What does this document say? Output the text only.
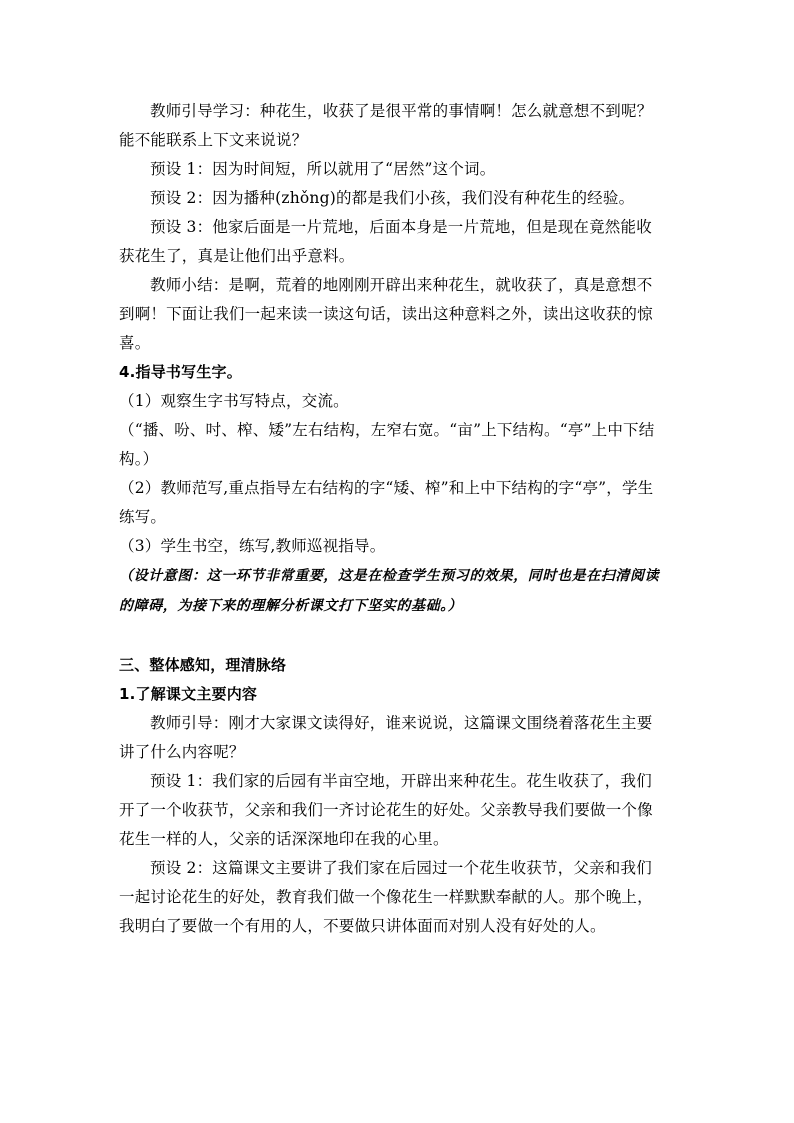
教师引导学习：种花生，收获了是很平常的事情啊！怎么就意想不到呢？能不能联系上下文来说说？

预设 1：因为时间短，所以就用了“居然”这个词。

预设 2：因为播种(zhǒng)的都是我们小孩，我们没有种花生的经验。

预设 3：他家后面是一片荒地，后面本身是一片荒地，但是现在竟然能收获花生了，真是让他们出乎意料。

教师小结：是啊，荒着的地刚刚开辟出来种花生，就收获了，真是意想不到啊！下面让我们一起来读一读这句话，读出这种意料之外，读出这收获的惊喜。

4.指导书写生字。

（1）观察生字书写特点，交流。

（“播、吩、吋、榨、矮”左右结构，左窄右宽。“亩”上下结构。“亭”上中下结构。）

（2）教师范写,重点指导左右结构的字“矮、榨”和上中下结构的字“亭”，学生练写。

（3）学生书空，练写,教师巡视指导。

（设计意图：这一环节非常重要，这是在检查学生预习的效果，同时也是在扫清阅读的障碍，为接下来的理解分析课文打下坚实的基础。）

三、整体感知，理清脉络

1.了解课文主要内容

教师引导：刚才大家课文读得好，谁来说说，这篇课文围绕着落花生主要讲了什么内容呢？

预设 1：我们家的后园有半亩空地，开辟出来种花生。花生收获了，我们开了一个收获节，父亲和我们一齐讨论花生的好处。父亲教导我们要做一个像花生一样的人，父亲的话深深地印在我的心里。

预设 2：这篇课文主要讲了我们家在后园过一个花生收获节，父亲和我们一起讨论花生的好处，教育我们做一个像花生一样默默奉献的人。那个晚上，我明白了要做一个有用的人，不要做只讲体面而对别人没有好处的人。
